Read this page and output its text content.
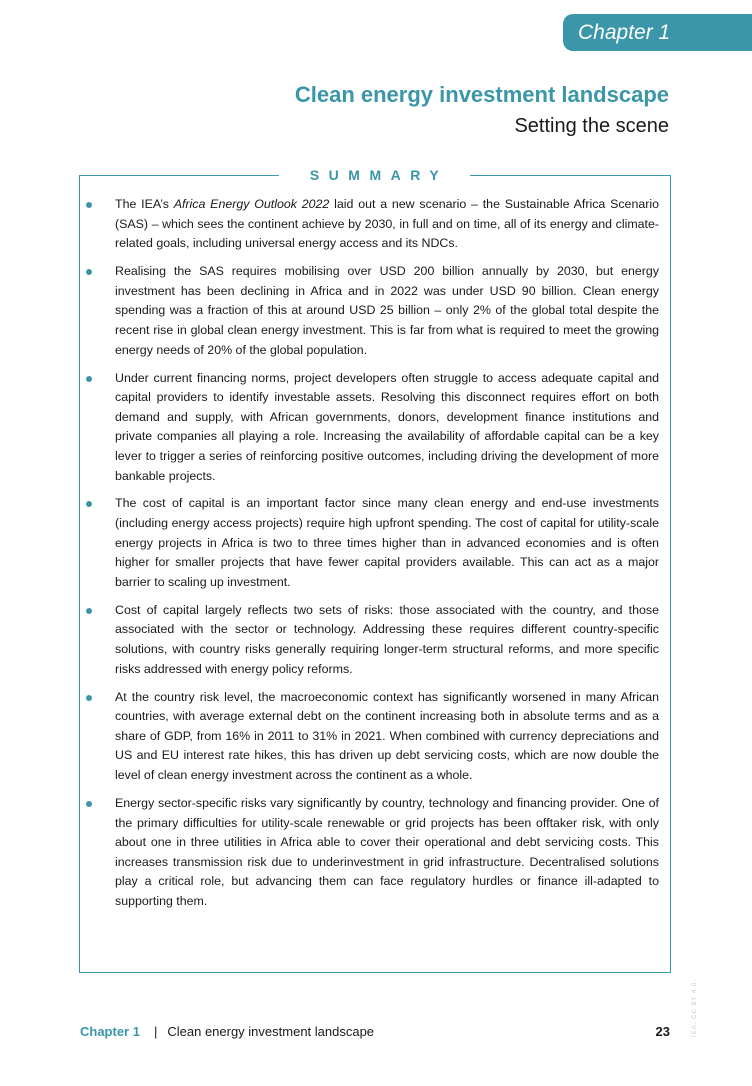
Chapter 1
Clean energy investment landscape
Setting the scene
SUMMARY
The IEA’s Africa Energy Outlook 2022 laid out a new scenario – the Sustainable Africa Scenario (SAS) – which sees the continent achieve by 2030, in full and on time, all of its energy and climate-related goals, including universal energy access and its NDCs.
Realising the SAS requires mobilising over USD 200 billion annually by 2030, but energy investment has been declining in Africa and in 2022 was under USD 90 billion. Clean energy spending was a fraction of this at around USD 25 billion – only 2% of the global total despite the recent rise in global clean energy investment. This is far from what is required to meet the growing energy needs of 20% of the global population.
Under current financing norms, project developers often struggle to access adequate capital and capital providers to identify investable assets. Resolving this disconnect requires effort on both demand and supply, with African governments, donors, development finance institutions and private companies all playing a role. Increasing the availability of affordable capital can be a key lever to trigger a series of reinforcing positive outcomes, including driving the development of more bankable projects.
The cost of capital is an important factor since many clean energy and end-use investments (including energy access projects) require high upfront spending. The cost of capital for utility-scale energy projects in Africa is two to three times higher than in advanced economies and is often higher for smaller projects that have fewer capital providers available. This can act as a major barrier to scaling up investment.
Cost of capital largely reflects two sets of risks: those associated with the country, and those associated with the sector or technology. Addressing these requires different country-specific solutions, with country risks generally requiring longer-term structural reforms, and more specific risks addressed with energy policy reforms.
At the country risk level, the macroeconomic context has significantly worsened in many African countries, with average external debt on the continent increasing both in absolute terms and as a share of GDP, from 16% in 2011 to 31% in 2021. When combined with currency depreciations and US and EU interest rate hikes, this has driven up debt servicing costs, which are now double the level of clean energy investment across the continent as a whole.
Energy sector-specific risks vary significantly by country, technology and financing provider. One of the primary difficulties for utility-scale renewable or grid projects has been offtaker risk, with only about one in three utilities in Africa able to cover their operational and debt servicing costs. This increases transmission risk due to underinvestment in grid infrastructure. Decentralised solutions play a critical role, but advancing them can face regulatory hurdles or finance ill-adapted to supporting them.
IEA. CC BY 4.0.
Chapter 1 | Clean energy investment landscape	23
